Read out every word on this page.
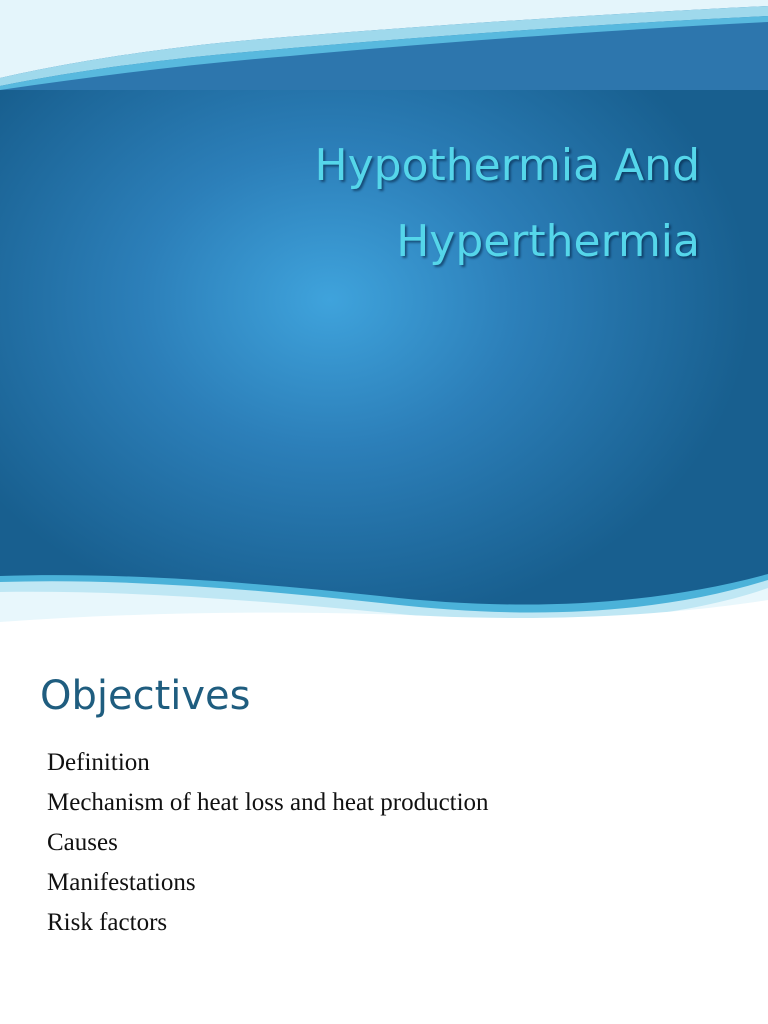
Hypothermia And
Hyperthermia
Objectives
Definition
Mechanism of heat loss and heat production
Causes
Manifestations
Risk factors
